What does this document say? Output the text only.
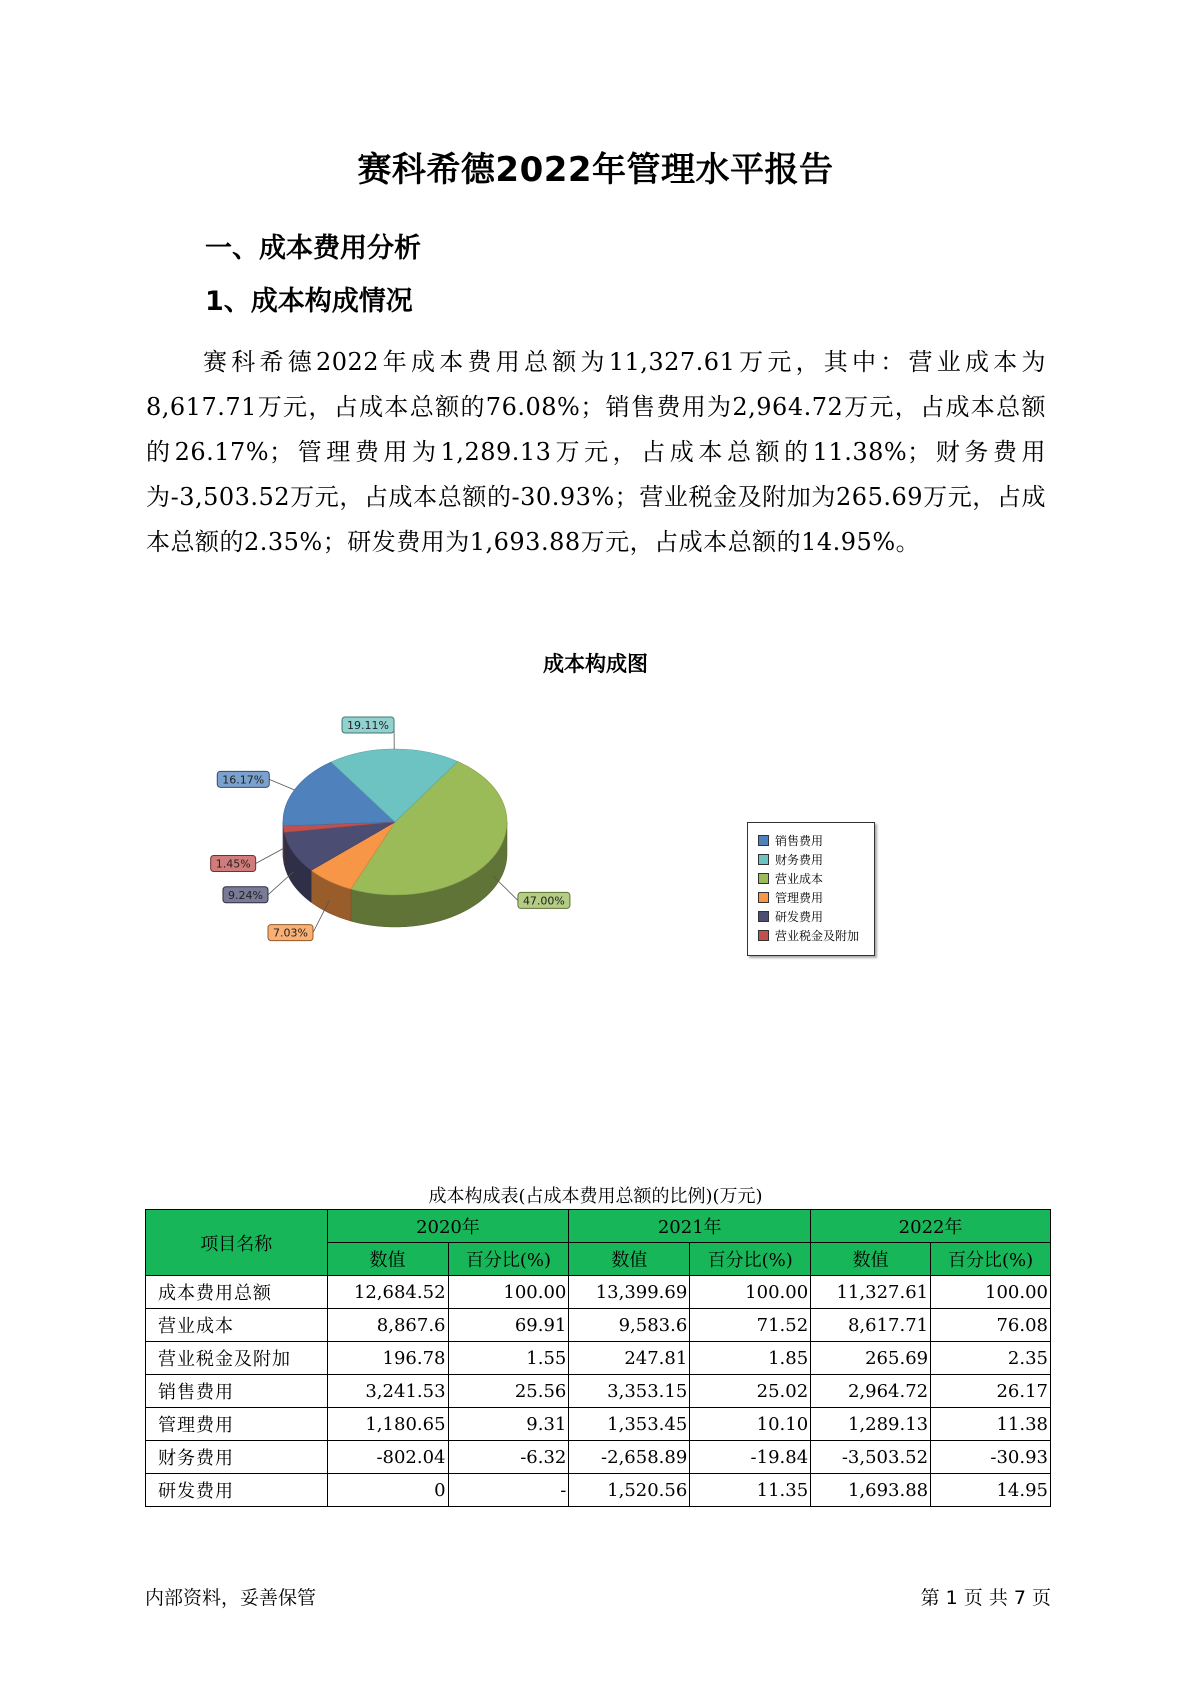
赛科希德2022年管理水平报告
一、成本费用分析
1、成本构成情况
赛科希德2022年成本费用总额为11,327.61万元，其中：营业成本为8,617.71万元，占成本总额的76.08%；销售费用为2,964.72万元，占成本总额的26.17%；管理费用为1,289.13万元，占成本总额的11.38%；财务费用为-3,503.52万元，占成本总额的-30.93%；营业税金及附加为265.69万元，占成本总额的2.35%；研发费用为1,693.88万元，占成本总额的14.95%。
成本构成图
47.00%
7.03%
9.24%
1.45%
16.17%
19.11%
销售费用
财务费用
营业成本
管理费用
研发费用
营业税金及附加
成本构成表(占成本费用总额的比例)(万元)
项目名称	2020年		2021年		2022年	
	数值	百分比(%)	数值	百分比(%)	数值	百分比(%)
成本费用总额	12,684.52	100.00	13,399.69	100.00	11,327.61	100.00
营业成本	8,867.6	69.91	9,583.6	71.52	8,617.71	76.08
营业税金及附加	196.78	1.55	247.81	1.85	265.69	2.35
销售费用	3,241.53	25.56	3,353.15	25.02	2,964.72	26.17
管理费用	1,180.65	9.31	1,353.45	10.10	1,289.13	11.38
财务费用	-802.04	-6.32	-2,658.89	-19.84	-3,503.52	-30.93
研发费用	0	-	1,520.56	11.35	1,693.88	14.95
内部资料，妥善保管	第 1 页 共 7 页
